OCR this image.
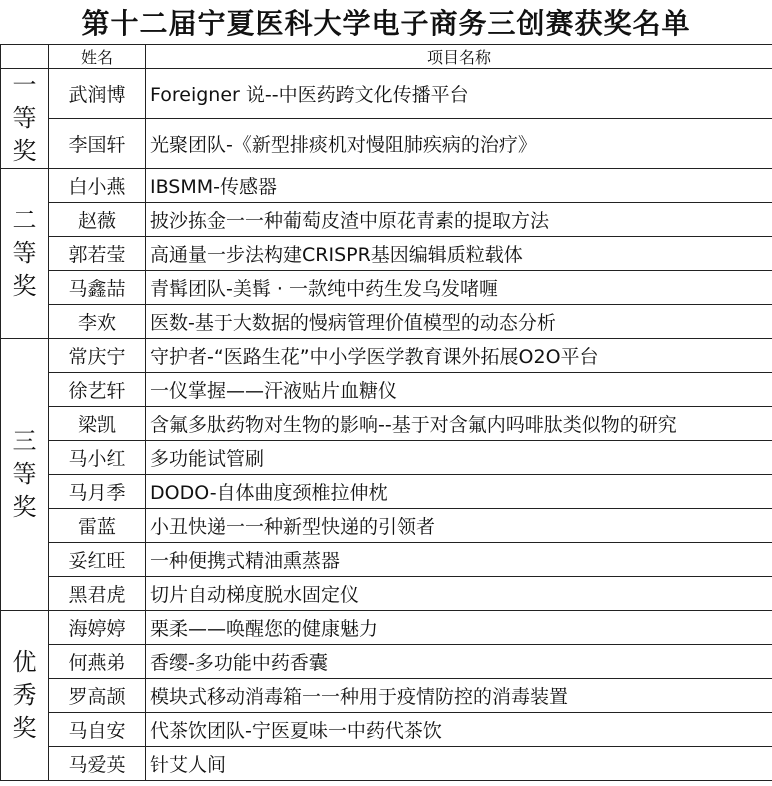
第十二届宁夏医科大学电子商务三创赛获奖名单
	姓名	项目名称

一
等
奖	武润博	Foreigner 说--中医药跨文化传播平台
	李国轩	光聚团队-《新型排痰机对慢阻肺疾病的治疗》

二
等
奖	白小燕	IBSMM-传感器
	赵薇	披沙拣金一一种葡萄皮渣中原花青素的提取方法
	郭若莹	高通量一步法构建CRISPR基因编辑质粒载体
	马鑫喆	青髯团队-美髯 · 一款纯中药生发乌发啫喱
	李欢	医数-基于大数据的慢病管理价值模型的动态分析

三
等
奖	常庆宁	守护者-“医路生花”中小学医学教育课外拓展O2O平台
	徐艺轩	一仪掌握——汗液贴片血糖仪
	梁凯	含氟多肽药物对生物的影响--基于对含氟内吗啡肽类似物的研究
	马小红	多功能试管刷
	马月季	DODO-自体曲度颈椎拉伸枕
	雷蓝	小丑快递一一种新型快递的引领者
	妥红旺	一种便携式精油熏蒸器
	黑君虎	切片自动梯度脱水固定仪

优
秀
奖	海婷婷	栗柔——唤醒您的健康魅力
	何燕弟	香缨-多功能中药香囊
	罗高颉	模块式移动消毒箱一一种用于疫情防控的消毒装置
	马自安	代茶饮团队-宁医夏味一中药代茶饮
	马爱英	针艾人间
